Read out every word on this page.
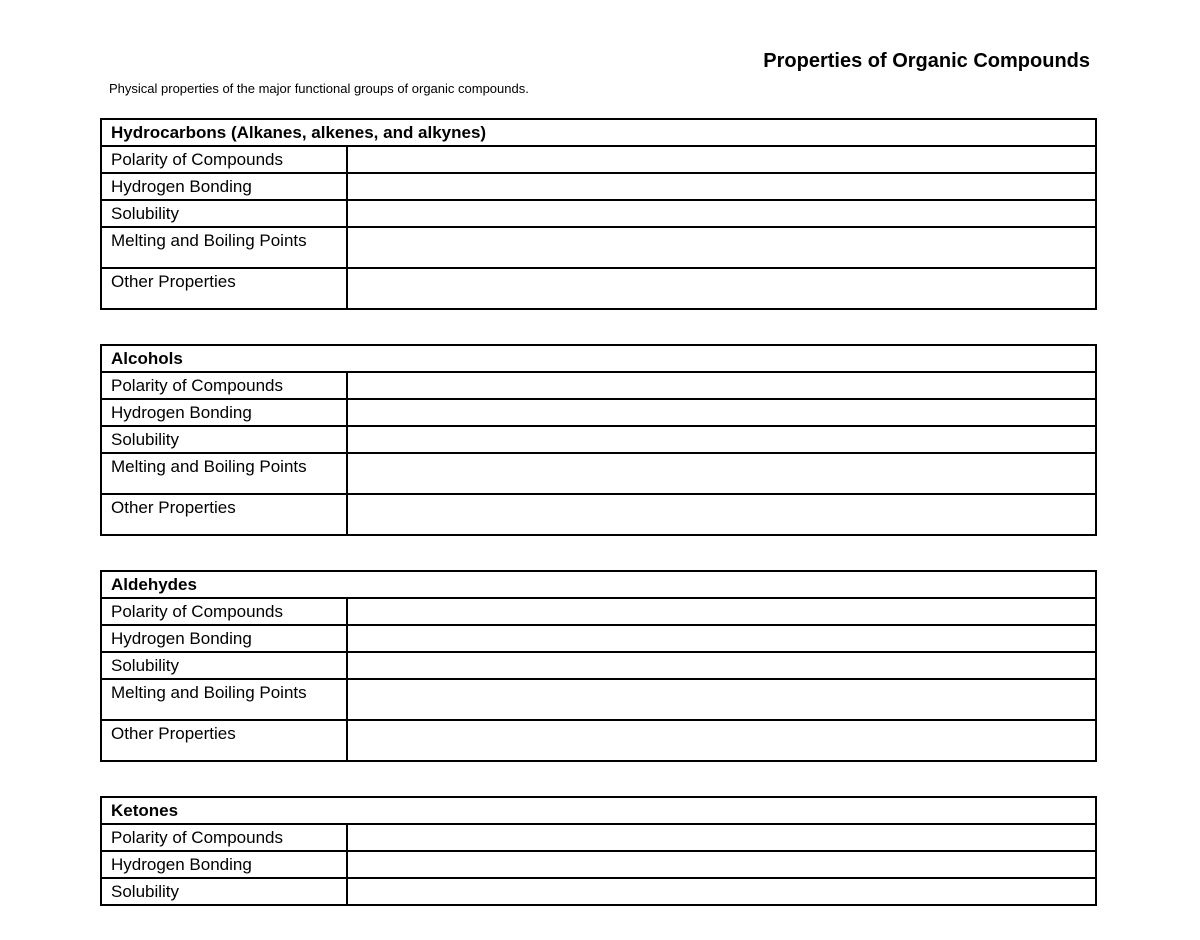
Properties of Organic Compounds
Physical properties of the major functional groups of organic compounds.
Hydrocarbons (Alkanes, alkenes, and alkynes)	
Polarity of Compounds	
Hydrogen Bonding	
Solubility	
Melting and Boiling Points	
Other Properties	
Alcohols	
Polarity of Compounds	
Hydrogen Bonding	
Solubility	
Melting and Boiling Points	
Other Properties	
Aldehydes	
Polarity of Compounds	
Hydrogen Bonding	
Solubility	
Melting and Boiling Points	
Other Properties	
Ketones	
Polarity of Compounds	
Hydrogen Bonding	
Solubility	
